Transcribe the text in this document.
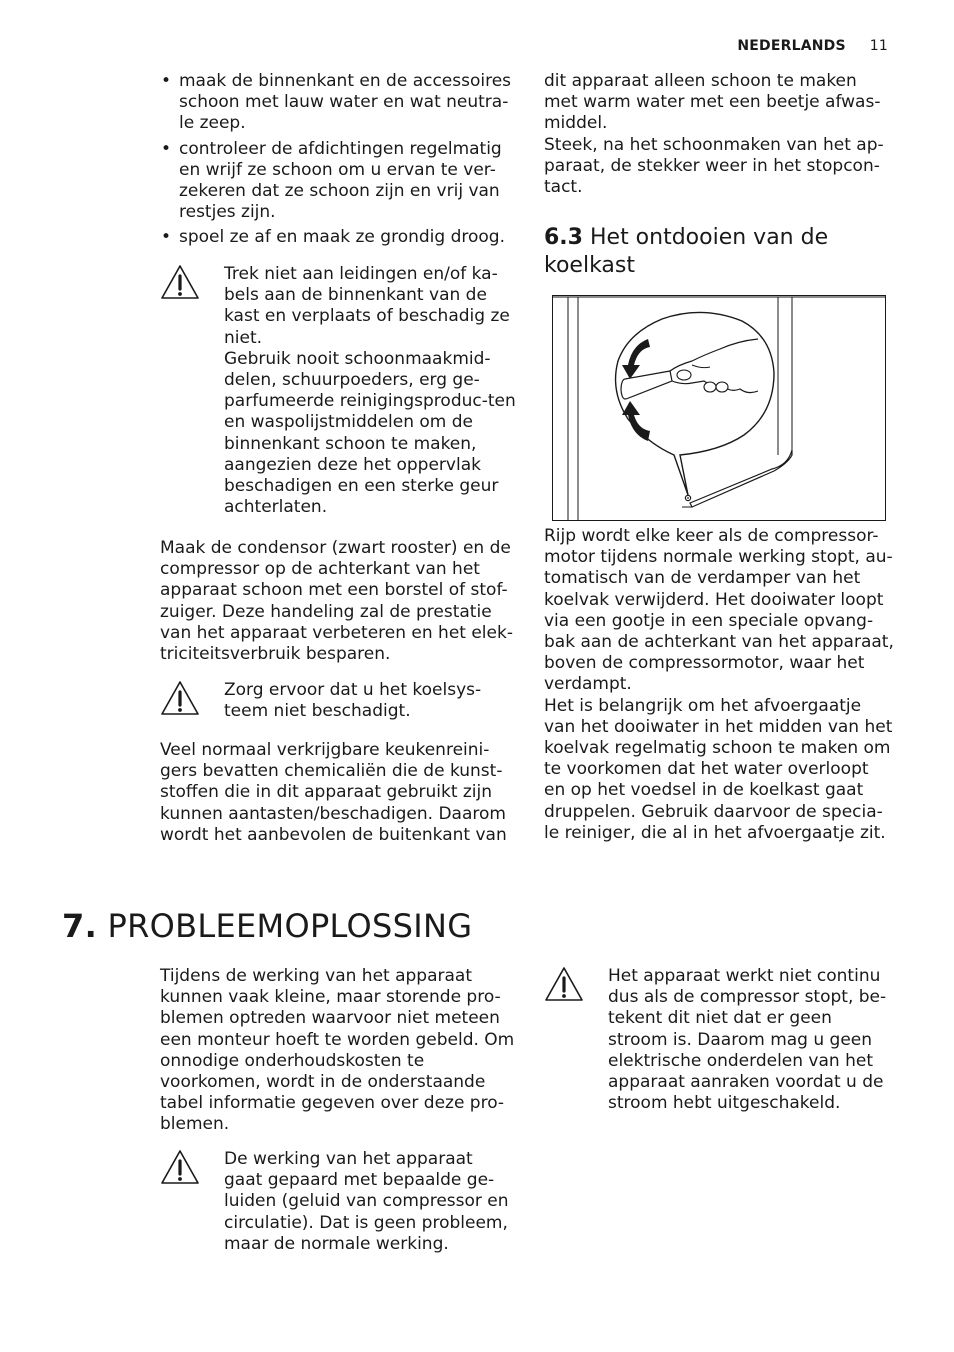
NEDERLANDS 11
• maak de binnenkant en de accessoires schoon met lauw water en wat neutra-le zeep.
• controleer de afdichtingen regelmatig en wrijf ze schoon om u ervan te ver-zekeren dat ze schoon zijn en vrij van restjes zijn.
• spoel ze af en maak ze grondig droog.

Trek niet aan leidingen en/of ka-bels aan de binnenkant van de kast en verplaats of beschadig ze niet.

Gebruik nooit schoonmaakmid-delen, schuurpoeders, erg ge-parfumeerde reinigingsproduc-ten en waspolijstmiddelen om de binnenkant schoon te maken, aangezien deze het oppervlak beschadigen en een sterke geur achterlaten.

Maak de condensor (zwart rooster) en de compressor op de achterkant van het apparaat schoon met een borstel of stof-zuiger. Deze handeling zal de prestatie van het apparaat verbeteren en het elek-triciteitsverbruik besparen.

Zorg ervoor dat u het koelsys-teem niet beschadigt.

Veel normaal verkrijgbare keukenreini-gers bevatten chemicaliën die de kunst-stoffen die in dit apparaat gebruikt zijn kunnen aantasten/beschadigen. Daarom wordt het aanbevolen de buitenkant van

dit apparaat alleen schoon te maken met warm water met een beetje afwas-middel.

Steek, na het schoonmaken van het ap-paraat, de stekker weer in het stopcon-tact.

6.3 Het ontdooien van de koelkast

Rijp wordt elke keer als de compressor-motor tijdens normale werking stopt, au-tomatisch van de verdamper van het koelvak verwijderd. Het dooiwater loopt via een gootje in een speciale opvang-bak aan de achterkant van het apparaat, boven de compressormotor, waar het verdampt.

Het is belangrijk om het afvoergaatje van het dooiwater in het midden van het koelvak regelmatig schoon te maken om te voorkomen dat het water overloopt en op het voedsel in de koelkast gaat druppelen. Gebruik daarvoor de specia-le reiniger, die al in het afvoergaatje zit.

7. PROBLEEMOPLOSSING

Tijdens de werking van het apparaat kunnen vaak kleine, maar storende pro-blemen optreden waarvoor niet meteen een monteur hoeft te worden gebeld. Om onnodige onderhoudskosten te voorkomen, wordt in de onderstaande tabel informatie gegeven over deze pro-blemen.

De werking van het apparaat gaat gepaard met bepaalde ge-luiden (geluid van compressor en circulatie). Dat is geen probleem, maar de normale werking.

Het apparaat werkt niet continu dus als de compressor stopt, be-tekent dit niet dat er geen stroom is. Daarom mag u geen elektrische onderdelen van het apparaat aanraken voordat u de stroom hebt uitgeschakeld.
